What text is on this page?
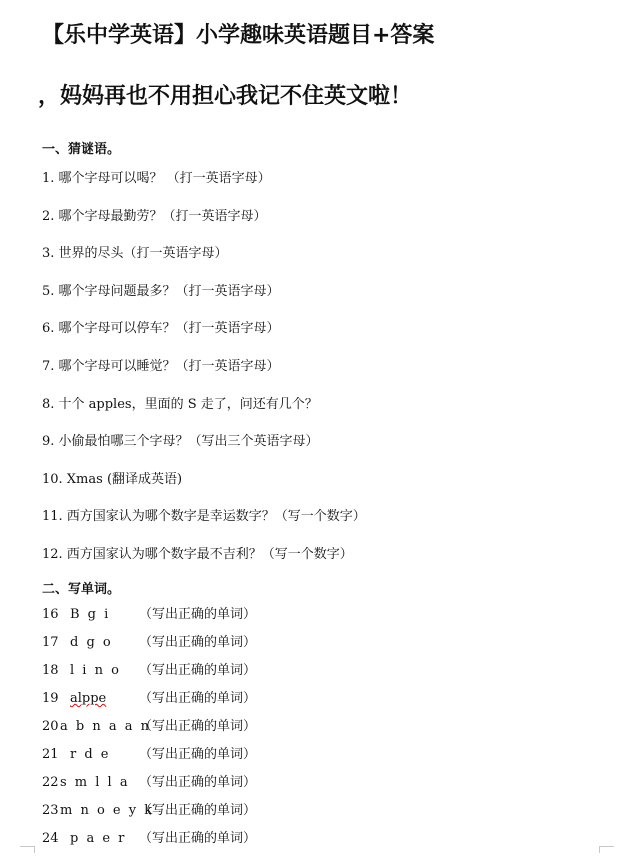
【乐中学英语】小学趣味英语题目+答案
，妈妈再也不用担心我记不住英文啦！
一、猜谜语。
1. 哪个字母可以喝？ （打一英语字母）
2. 哪个字母最勤劳？（打一英语字母）
3. 世界的尽头（打一英语字母）
5. 哪个字母问题最多？（打一英语字母）
6. 哪个字母可以停车？（打一英语字母）
7. 哪个字母可以睡觉？（打一英语字母）
8. 十个 apples，里面的 S 走了，问还有几个？
9. 小偷最怕哪三个字母？（写出三个英语字母）
10. Xmas (翻译成英语)
11. 西方国家认为哪个数字是幸运数字？（写一个数字）
12. 西方国家认为哪个数字最不吉利？（写一个数字）
二、写单词。
16 B g i （写出正确的单词）
17 d g o （写出正确的单词）
18 l i n o （写出正确的单词）
19 alppe	（写出正确的单词）
20 a b n a a n
（写出正确的单词）
21 r d e （写出正确的单词）
22 s m l l a （写出正确的单词）
23 m n o e y k
（写出正确的单词）
24 p a e r （写出正确的单词）
